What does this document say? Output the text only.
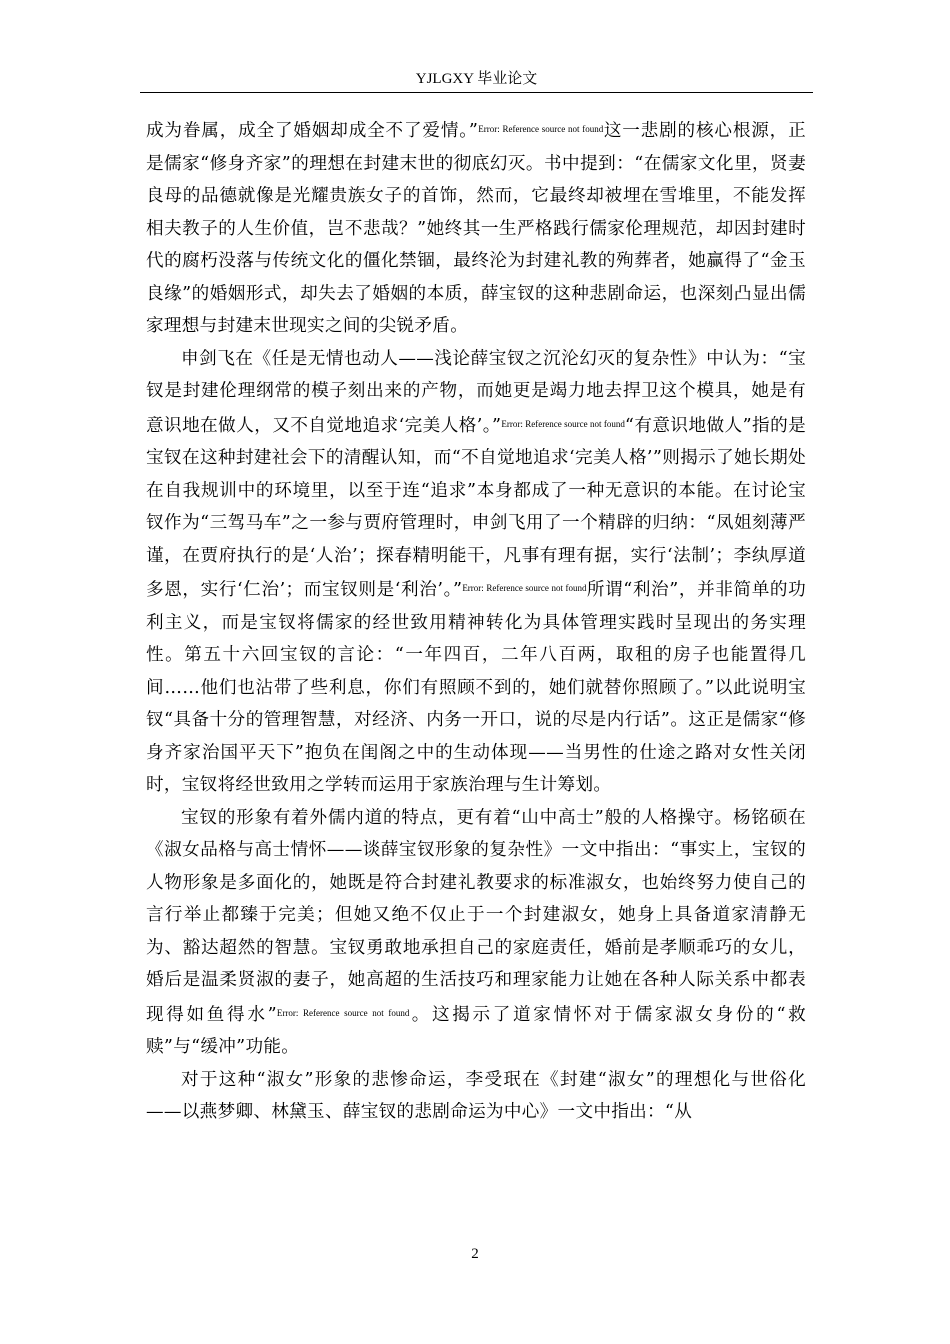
YJLGXY 毕业论文

成为眷属，成全了婚姻却成全不了爱情。”$^{Error: Reference source not found}$这一悲剧的核心根源，正是儒家“修身齐家”的理想在封建末世的彻底幻灭。书中提到：“在儒家文化里，贤妻良母的品德就像是光耀贵族女子的首饰，然而，它最终却被埋在雪堆里，不能发挥相夫教子的人生价值，岂不悲哉？”她终其一生严格践行儒家伦理规范，却因封建时代的腐朽没落与传统文化的僵化禁锢，最终沦为封建礼教的殉葬者，她赢得了“金玉良缘”的婚姻形式，却失去了婚姻的本质，薛宝钗的这种悲剧命运，也深刻凸显出儒家理想与封建末世现实之间的尖锐矛盾。

申剑飞在《任是无情也动人——浅论薛宝钗之沉沦幻灭的复杂性》中认为：“宝钗是封建伦理纲常的模子刻出来的产物，而她更是竭力地去捍卫这个模具，她是有意识地在做人，又不自觉地追求‘完美人格’。”$^{Error: Reference source not found}$“有意识地做人”指的是宝钗在这种封建社会下的清醒认知，而“不自觉地追求‘完美人格’”则揭示了她长期处在自我规训中的环境里，以至于连“追求”本身都成了一种无意识的本能。在讨论宝钗作为“三驾马车”之一参与贾府管理时，申剑飞用了一个精辟的归纳：“凤姐刻薄严谨，在贾府执行的是‘人治’；探春精明能干，凡事有理有据，实行‘法制’；李纨厚道多恩，实行‘仁治’；而宝钗则是‘利治’。”$^{Error: Reference source not found}$所谓“利治”，并非简单的功利主义，而是宝钗将儒家的经世致用精神转化为具体管理实践时呈现出的务实理性。第五十六回宝钗的言论：“一年四百，二年八百两，取租的房子也能置得几间……他们也沾带了些利息，你们有照顾不到的，她们就替你照顾了。”以此说明宝钗“具备十分的管理智慧，对经济、内务一开口，说的尽是内行话”。这正是儒家“修身齐家治国平天下”抱负在闺阁之中的生动体现——当男性的仕途之路对女性关闭时，宝钗将经世致用之学转而运用于家族治理与生计筹划。

宝钗的形象有着外儒内道的特点，更有着“山中高士”般的人格操守。杨铭硕在《淑女品格与高士情怀——谈薛宝钗形象的复杂性》一文中指出：“事实上，宝钗的人物形象是多面化的，她既是符合封建礼教要求的标准淑女，也始终努力使自己的言行举止都臻于完美；但她又绝不仅止于一个封建淑女，她身上具备道家清静无为、豁达超然的智慧。宝钗勇敢地承担自己的家庭责任，婚前是孝顺乖巧的女儿，婚后是温柔贤淑的妻子，她高超的生活技巧和理家能力让她在各种人际关系中都表现得如鱼得水”$^{Error: Reference source not found}$。这揭示了道家情怀对于儒家淑女身份的“救赎”与“缓冲”功能。

对于这种“淑女”形象的悲惨命运，李受珉在《封建“淑女”的理想化与世俗化——以燕梦卿、林黛玉、薛宝钗的悲剧命运为中心》一文中指出：“从

2
